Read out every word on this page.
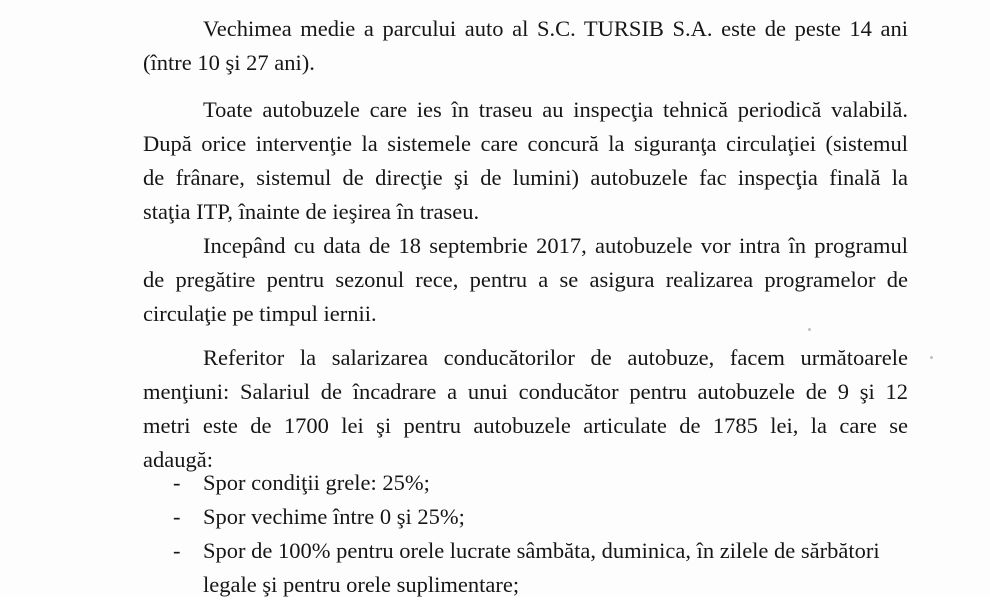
Vechimea medie a parcului auto al S.C. TURSIB S.A. este de peste 14 ani
(între 10 şi 27 ani).
Toate autobuzele care ies în traseu au inspecţia tehnică periodică valabilă.
După orice intervenţie la sistemele care concură la siguranţa circulaţiei (sistemul
de frânare, sistemul de direcţie şi de lumini) autobuzele fac inspecţia finală la
staţia ITP, înainte de ieşirea în traseu.
Incepând cu data de 18 septembrie 2017, autobuzele vor intra în programul
de pregătire pentru sezonul rece, pentru a se asigura realizarea programelor de
circulaţie pe timpul iernii.
Referitor la salarizarea conducătorilor de autobuze, facem următoarele
menţiuni: Salariul de încadrare a unui conducător pentru autobuzele de 9 şi 12
metri este de 1700 lei şi pentru autobuzele articulate de 1785 lei, la care se
adaugă:
- Spor condiţii grele: 25%;
- Spor vechime între 0 şi 25%;
- Spor de 100% pentru orele lucrate sâmbăta, duminica, în zilele de sărbători
legale şi pentru orele suplimentare;
